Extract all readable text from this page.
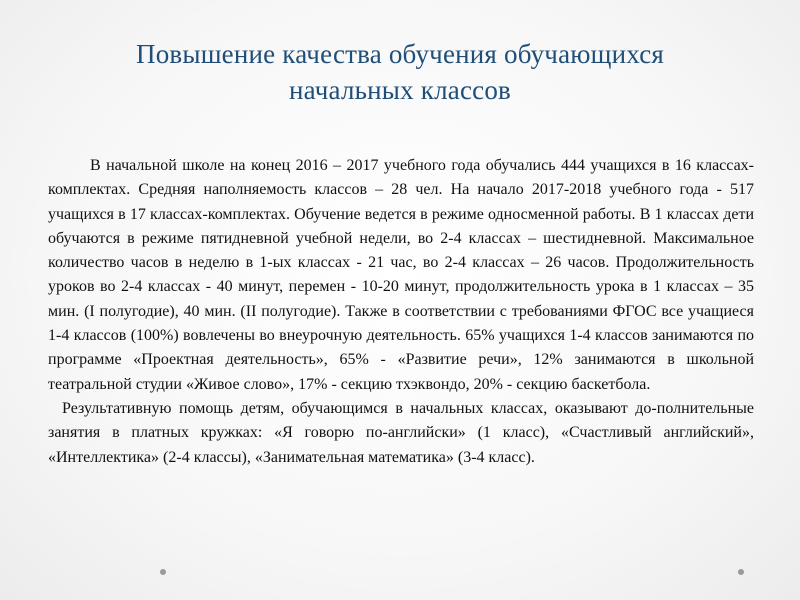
Повышение качества обучения обучающихся
начальных классов

В начальной школе на конец 2016 – 2017 учебного года обучались 444 учащихся в 16 классах-комплектах. Средняя наполняемость классов – 28 чел. На начало 2017-2018 учебного года - 517 учащихся в 17 классах-комплектах. Обучение ведется в режиме односменной работы. В 1 классах дети обучаются в режиме пятидневной учебной недели, во 2-4 классах – шестидневной. Максимальное количество часов в неделю в 1-ых классах - 21 час, во 2-4 классах – 26 часов. Продолжительность уроков во 2-4 классах - 40 минут, перемен - 10-20 минут, продолжительность урока в 1 классах – 35 мин. (I полугодие), 40 мин. (II полугодие). Также в соответствии с требованиями ФГОС все учащиеся 1-4 классов (100%) вовлечены во внеурочную деятельность. 65% учащихся 1-4 классов занимаются по программе «Проектная деятельность», 65% - «Развитие речи», 12% занимаются в школьной театральной студии «Живое слово», 17% - секцию тхэквондо, 20% - секцию баскетбола.

Результативную помощь детям, обучающимся в начальных классах, оказывают до-полнительные занятия в платных кружках: «Я говорю по-английски» (1 класс), «Счастливый английский», «Интеллектика» (2-4 классы), «Занимательная математика» (3-4 класс).
